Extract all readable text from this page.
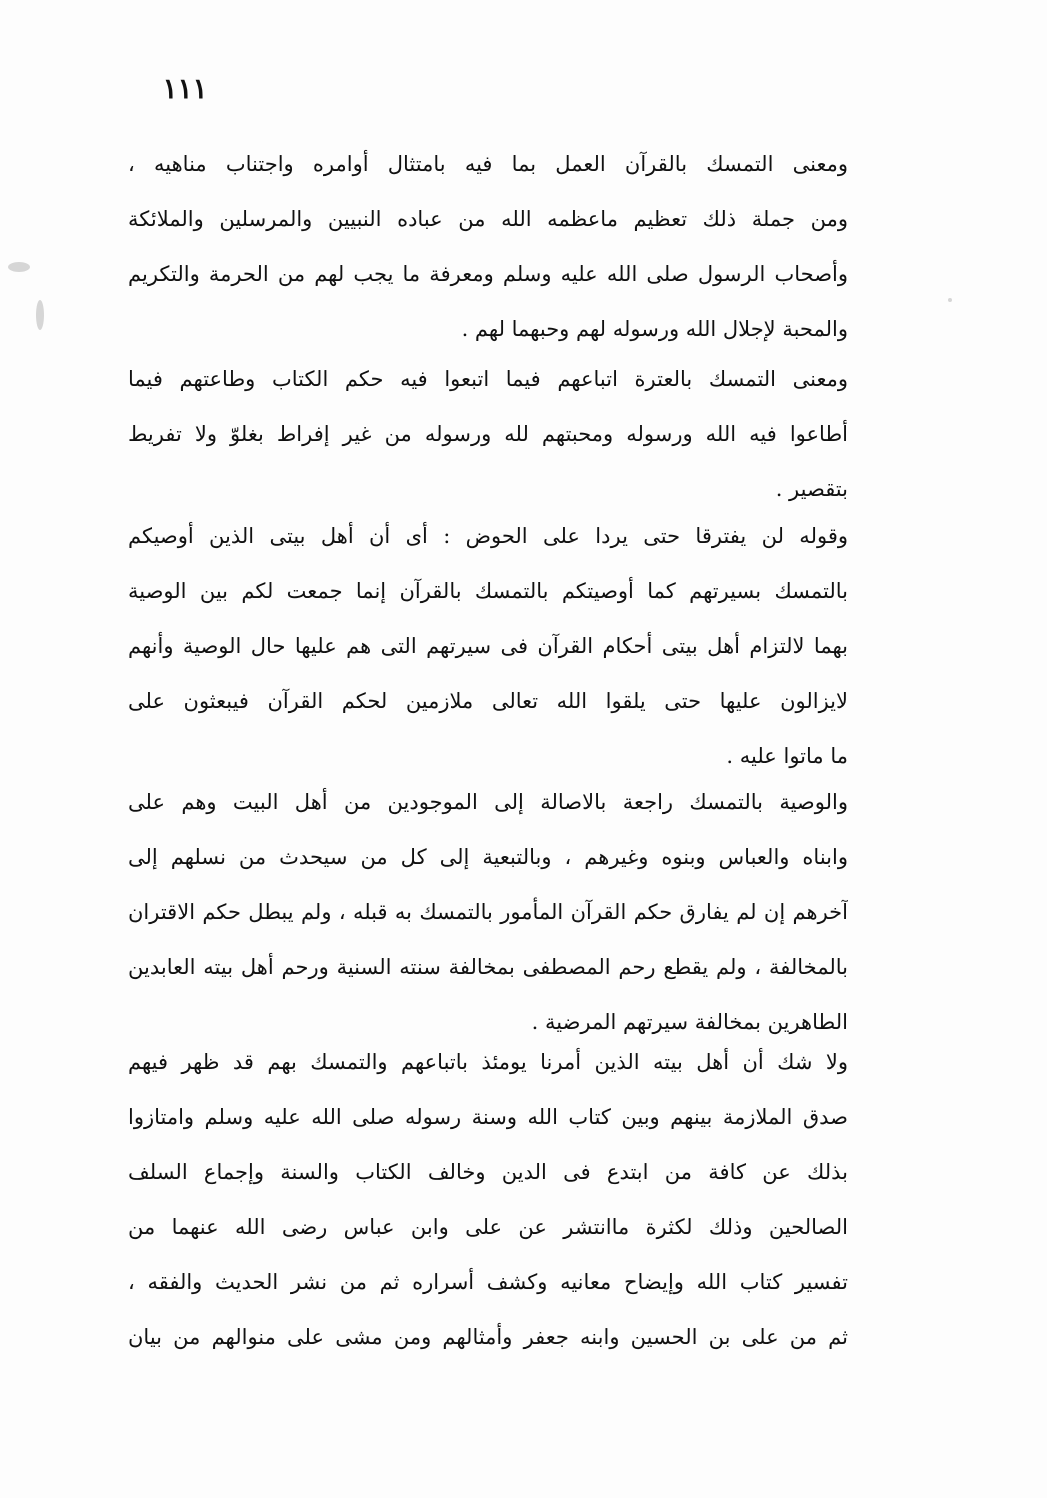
١١١
ومعنى التمسك بالقرآن العمل بما فيه بامتثال أوامره واجتناب مناهيه ،
ومن جملة ذلك تعظيم ماعظمه الله من عباده النبيين والمرسلين والملائكة
وأصحاب الرسول صلى الله عليه وسلم ومعرفة ما يجب لهم من الحرمة والتكريم
والمحبة لإجلال الله ورسوله لهم وحبهما لهم .
ومعنى التمسك بالعترة اتباعهم فيما اتبعوا فيه حكم الكتاب وطاعتهم فيما
أطاعوا فيه الله ورسوله ومحبتهم لله ورسوله من غير إفراط بغلوّ ولا تفريط
بتقصير .
وقوله لن يفترقا حتى يردا على الحوض : أى أن أهل بيتى الذين أوصيكم
بالتمسك بسيرتهم كما أوصيتكم بالتمسك بالقرآن إنما جمعت لكم بين الوصية
بهما لالتزام أهل بيتى أحكام القرآن فى سيرتهم التى هم عليها حال الوصية وأنهم
لايزالون عليها حتى يلقوا الله تعالى ملازمين لحكم القرآن فيبعثون على
ما ماتوا عليه .
والوصية بالتمسك راجعة بالاصالة إلى الموجودين من أهل البيت وهم على
وابناه والعباس وبنوه وغيرهم ، وبالتبعية إلى كل من سيحدث من نسلهم إلى
آخرهم إن لم يفارق حكم القرآن المأمور بالتمسك به قبله ، ولم يبطل حكم الاقتران
بالمخالفة ، ولم يقطع رحم المصطفى بمخالفة سنته السنية ورحم أهل بيته العابدين
الطاهرين بمخالفة سيرتهم المرضية .
ولا شك أن أهل بيته الذين أمرنا يومئذ باتباعهم والتمسك بهم قد ظهر فيهم
صدق الملازمة بينهم وبين كتاب الله وسنة رسوله صلى الله عليه وسلم وامتازوا
بذلك عن كافة من ابتدع فى الدين وخالف الكتاب والسنة وإجماع السلف
الصالحين وذلك لكثرة ماانتشر عن على وابن عباس رضى الله عنهما من
تفسير كتاب الله وإيضاح معانيه وكشف أسراره ثم من نشر الحديث والفقه ،
ثم من على بن الحسين وابنه جعفر وأمثالهم ومن مشى على منوالهم من بيان
